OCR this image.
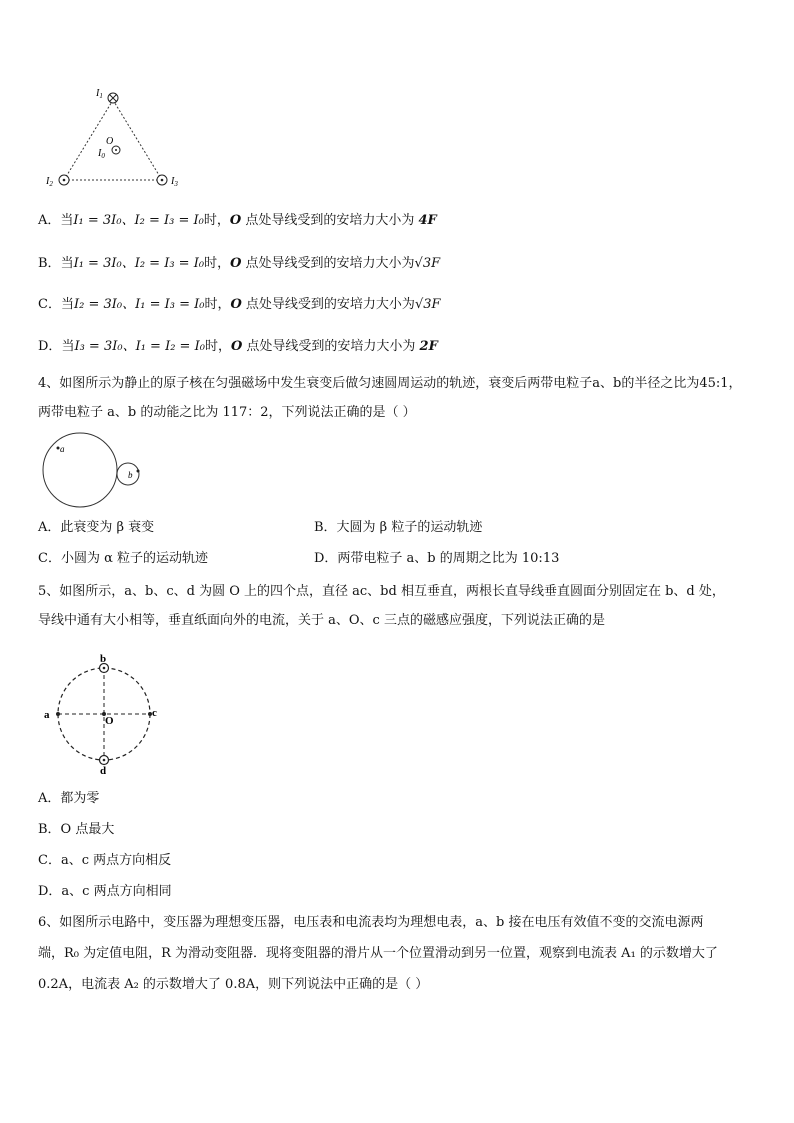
$I_1$
O
$I_0$
$I_2$	$I_3$
A．当I₁ = 3I₀、I₂ = I₃ = I₀时，O 点处导线受到的安培力大小为 4F
B．当I₁ = 3I₀、I₂ = I₃ = I₀时，O 点处导线受到的安培力大小为√3F
C．当I₂ = 3I₀、I₁ = I₃ = I₀时，O 点处导线受到的安培力大小为√3F
D．当I₃ = 3I₀、I₁ = I₂ = I₀时，O 点处导线受到的安培力大小为 2F
4、如图所示为静止的原子核在匀强磁场中发生衰变后做匀速圆周运动的轨迹，衰变后两带电粒子a、b的半径之比为45:1，
两带电粒子 a、b 的动能之比为 117：2，下列说法正确的是（ ）
a
b
A．此衰变为 β 衰变	B．大圆为 β 粒子的运动轨迹
C．小圆为 α 粒子的运动轨迹	D．两带电粒子 a、b 的周期之比为 10:13
5、如图所示，a、b、c、d 为圆 O 上的四个点，直径 ac、bd 相互垂直，两根长直导线垂直圆面分别固定在 b、d 处，
导线中通有大小相等，垂直纸面向外的电流，关于 a、O、c 三点的磁感应强度，下列说法正确的是
b
a	c
d
O
A．都为零
B．O 点最大
C．a、c 两点方向相反
D．a、c 两点方向相同
6、如图所示电路中，变压器为理想变压器，电压表和电流表均为理想电表，a、b 接在电压有效值不变的交流电源两
端，R₀ 为定值电阻，R 为滑动变阻器．现将变阻器的滑片从一个位置滑动到另一位置，观察到电流表 A₁ 的示数增大了
0.2A，电流表 A₂ 的示数增大了 0.8A，则下列说法中正确的是（ ）
